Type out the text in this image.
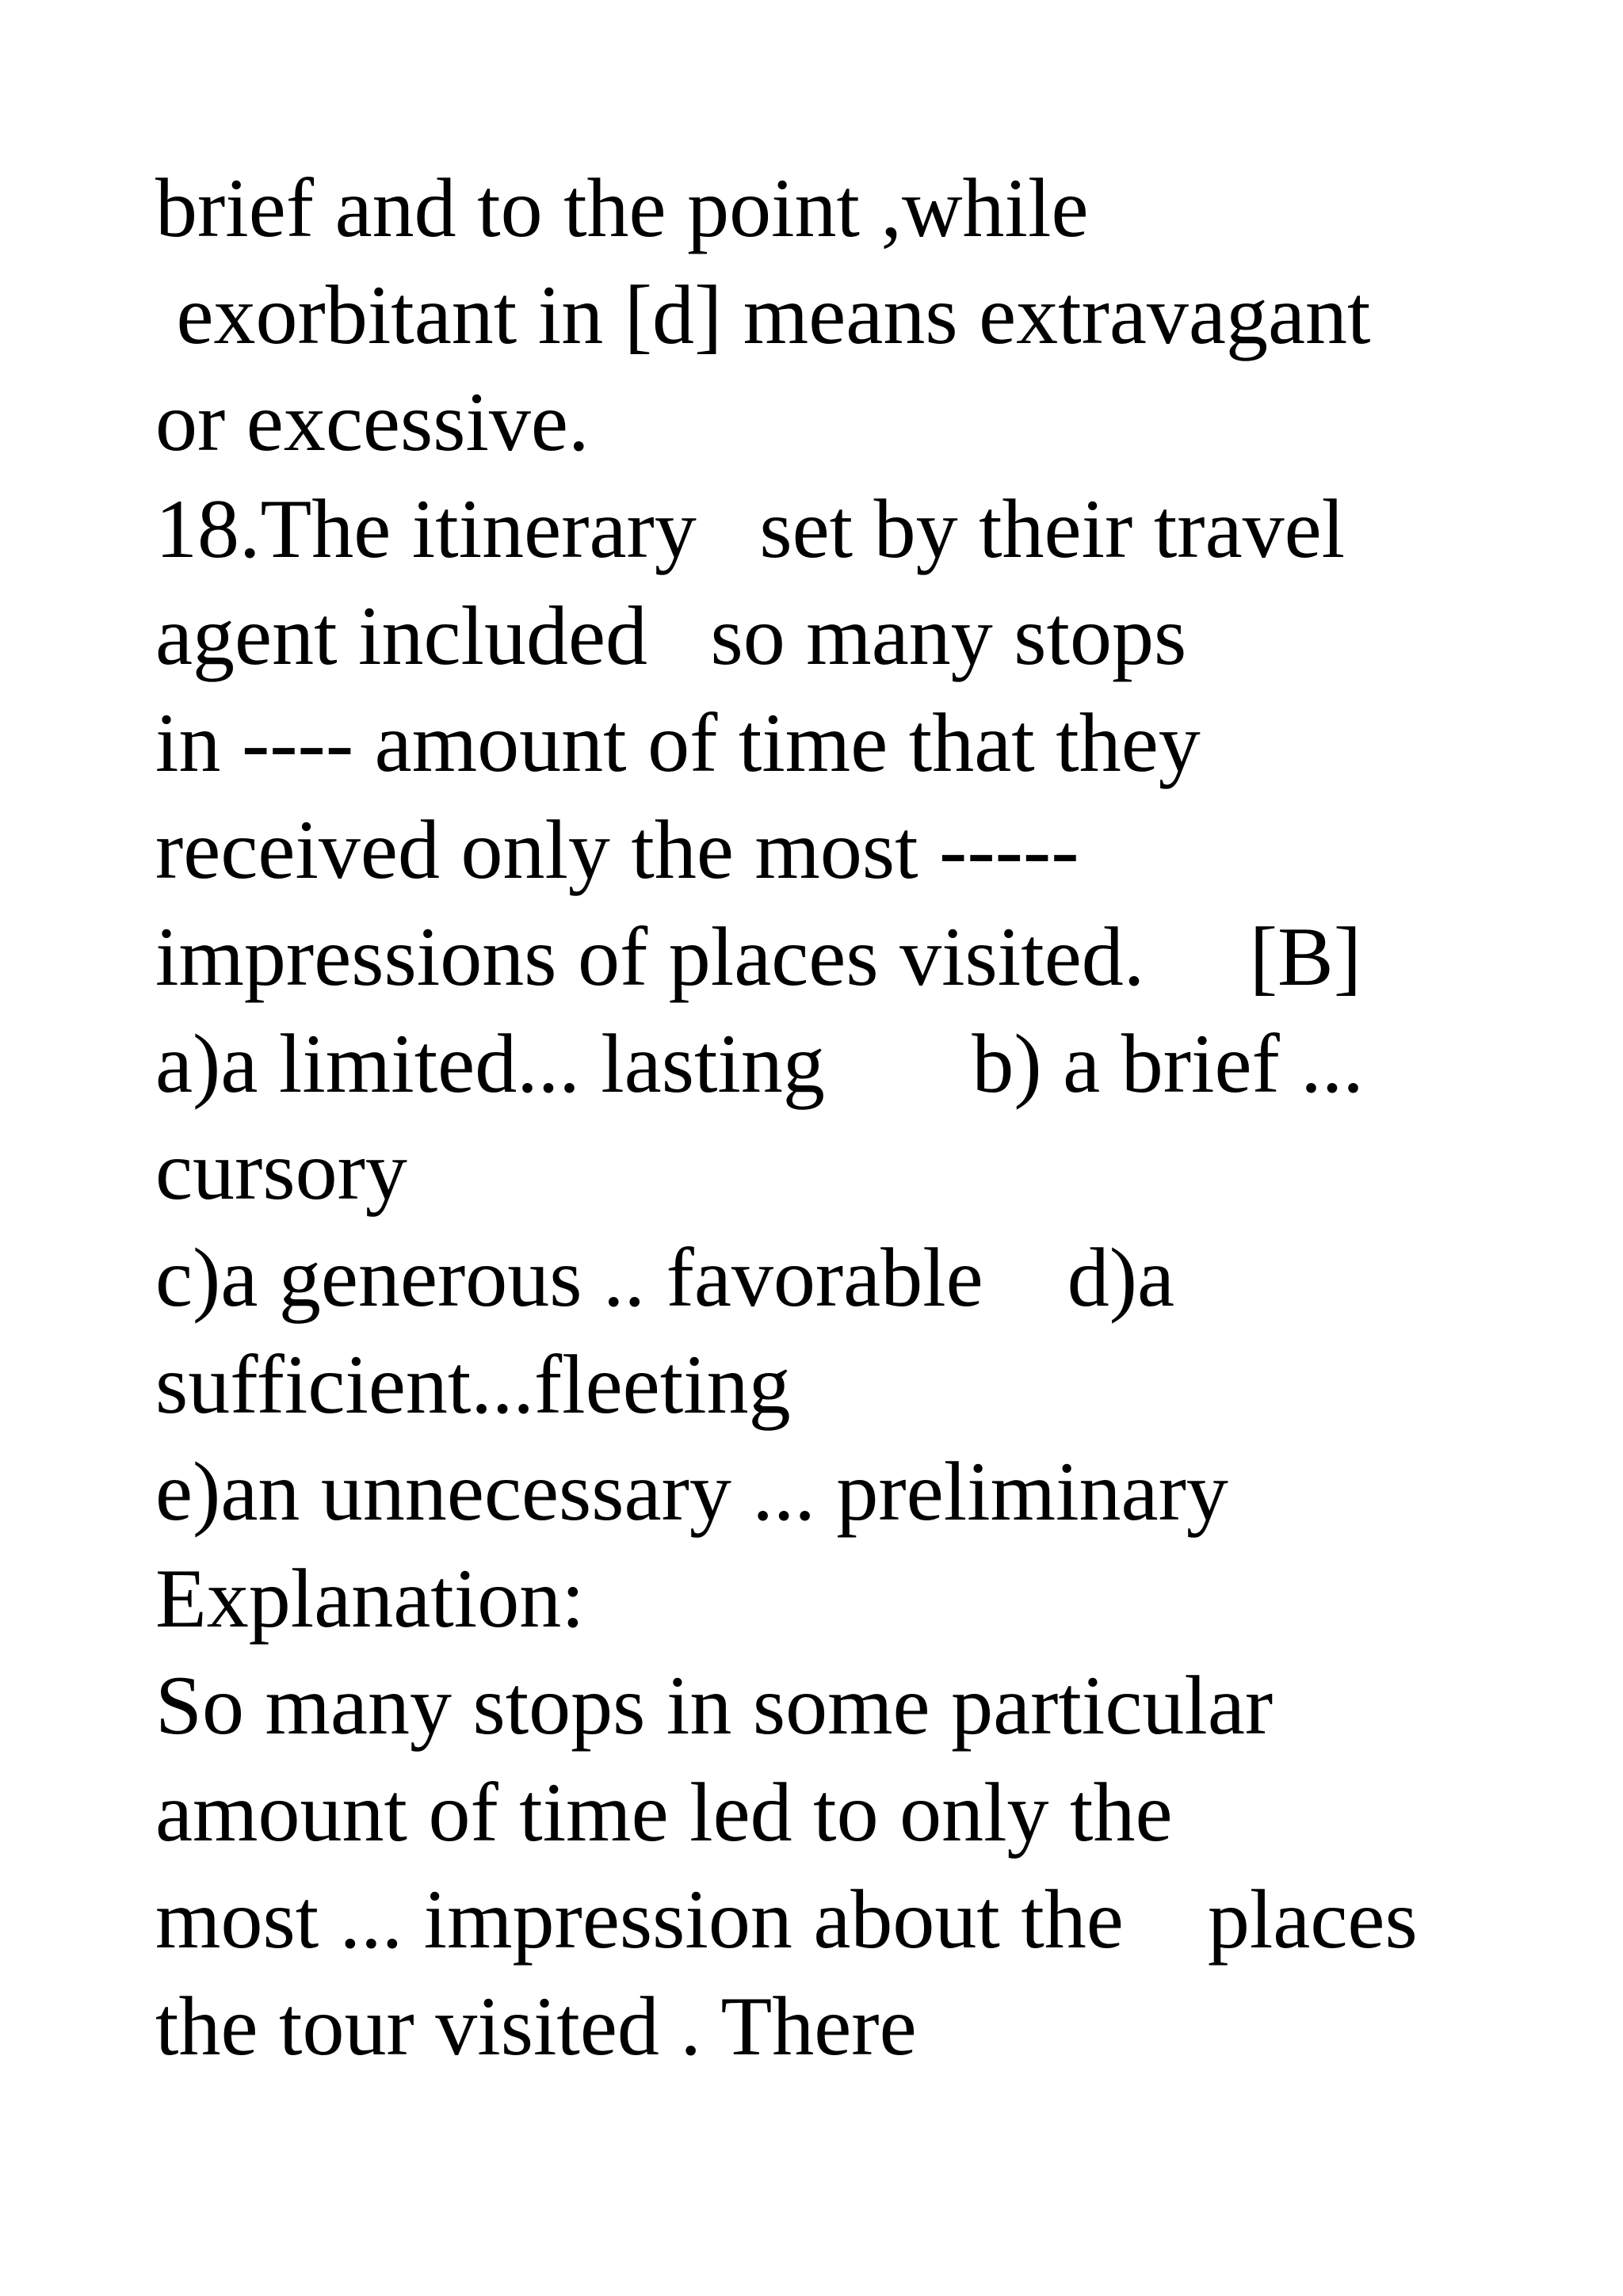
brief and to the point ,while

exorbitant in [d] means extravagant

or excessive.

18.The itinerary   set by their travel

agent included   so many stops

in ---- amount of time that they

received only the most -----

impressions of places visited.     [B]

a)a limited... lasting       b) a brief ...

cursory

c)a generous .. favorable    d)a

sufficient...fleeting

e)an unnecessary ... preliminary

Explanation:

So many stops in some particular

amount of time led to only the

most ... impression about the    places

the tour visited . There
